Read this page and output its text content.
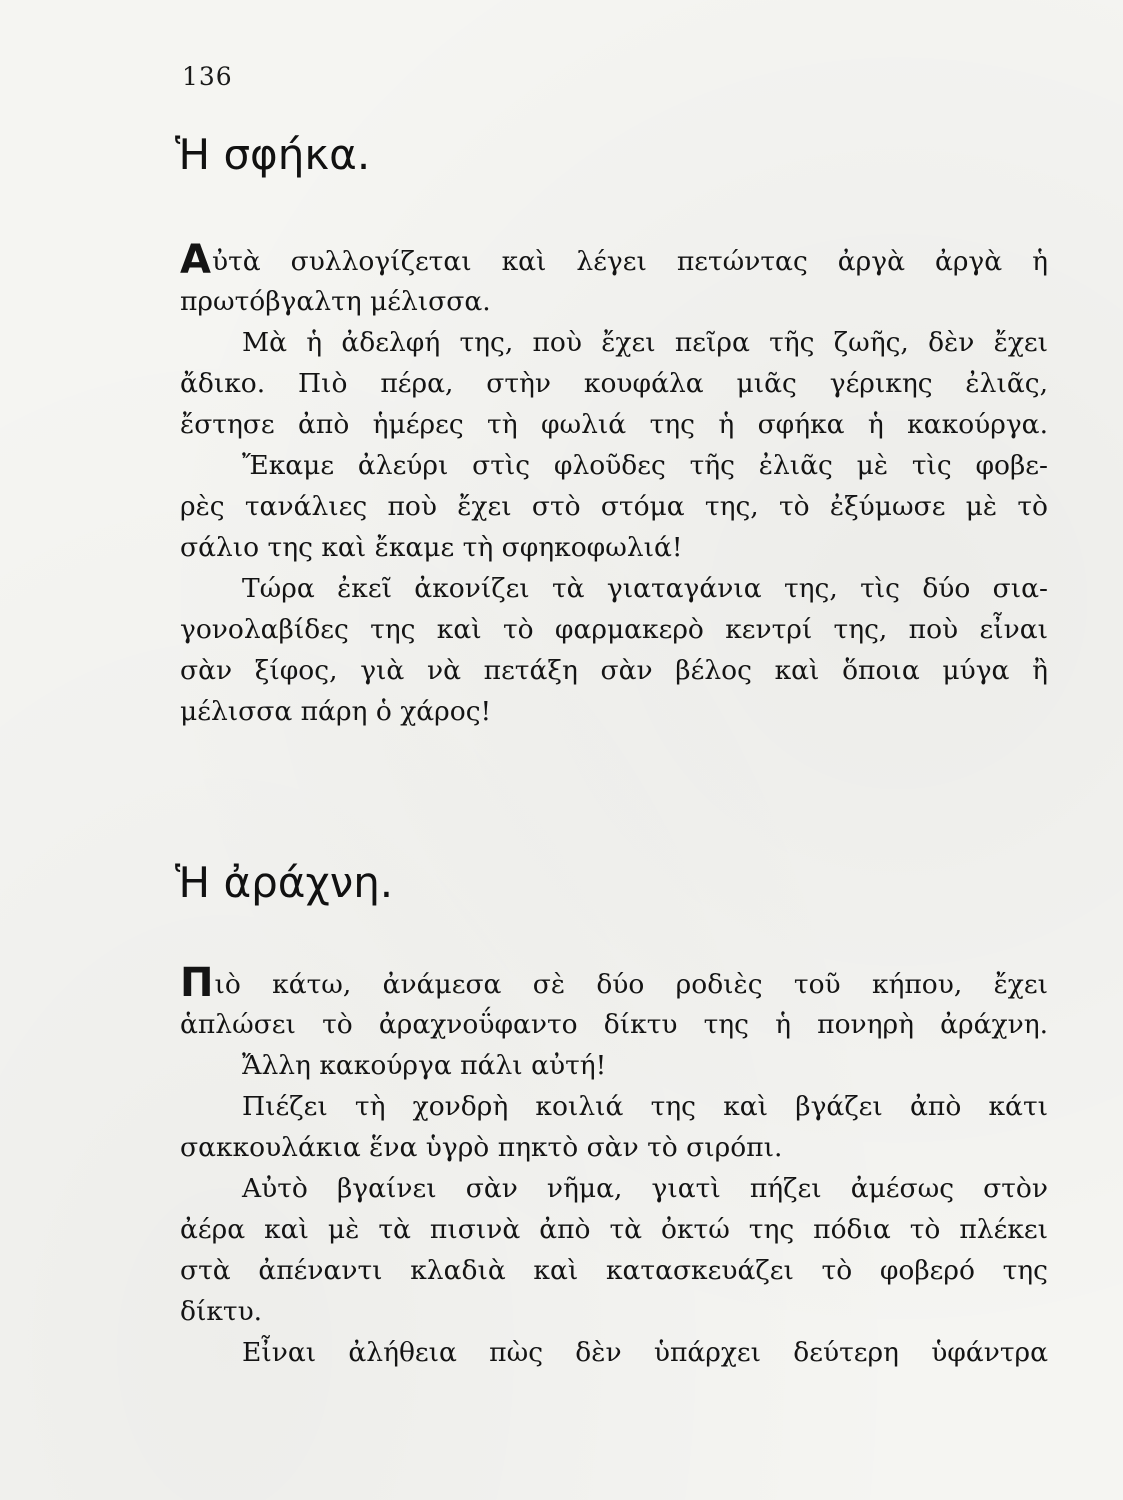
136
Ἡ σφήκα.
Αὐτὰ συλλογίζεται καὶ λέγει πετώντας ἀργὰ ἀργὰ ἡ
πρωτόβγαλτη μέλισσα.
Μὰ ἡ ἀδελφή της, ποὺ ἔχει πεῖρα τῆς ζωῆς, δὲν ἔχει
ἄδικο. Πιὸ πέρα, στὴν κουφάλα μιᾶς γέρικης ἐλιᾶς,
ἔστησε ἀπὸ ἡμέρες τὴ φωλιά της ἡ σφήκα ἡ κακούργα.
Ἔκαμε ἀλεύρι στὶς φλοῦδες τῆς ἐλιᾶς μὲ τὶς φοβε-
ρὲς τανάλιες ποὺ ἔχει στὸ στόμα της, τὸ ἐξύμωσε μὲ τὸ
σάλιο της καὶ ἔκαμε τὴ σφηκοφωλιά!
Τώρα ἐκεῖ ἀκονίζει τὰ γιαταγάνια της, τὶς δύο σια-
γονολαβίδες της καὶ τὸ φαρμακερὸ κεντρί της, ποὺ εἶναι
σὰν ξίφος, γιὰ νὰ πετάξη σὰν βέλος καὶ ὅποια μύγα ἢ
μέλισσα πάρη ὁ χάρος!
Ἡ ἀράχνη.
Πιὸ κάτω, ἀνάμεσα σὲ δύο ροδιὲς τοῦ κήπου, ἔχει
ἁπλώσει τὸ ἀραχνοΰφαντο δίκτυ της ἡ πονηρὴ ἀράχνη.
Ἄλλη κακούργα πάλι αὐτή!
Πιέζει τὴ χονδρὴ κοιλιά της καὶ βγάζει ἀπὸ κάτι
σακκουλάκια ἕνα ὑγρὸ πηκτὸ σὰν τὸ σιρόπι.
Αὐτὸ βγαίνει σὰν νῆμα, γιατὶ πήζει ἀμέσως στὸν
ἀέρα καὶ μὲ τὰ πισινὰ ἀπὸ τὰ ὀκτώ της πόδια τὸ πλέκει
στὰ ἀπέναντι κλαδιὰ καὶ κατασκευάζει τὸ φοβερό της
δίκτυ.
Εἶναι ἀλήθεια πὼς δὲν ὑπάρχει δεύτερη ὑφάντρα
